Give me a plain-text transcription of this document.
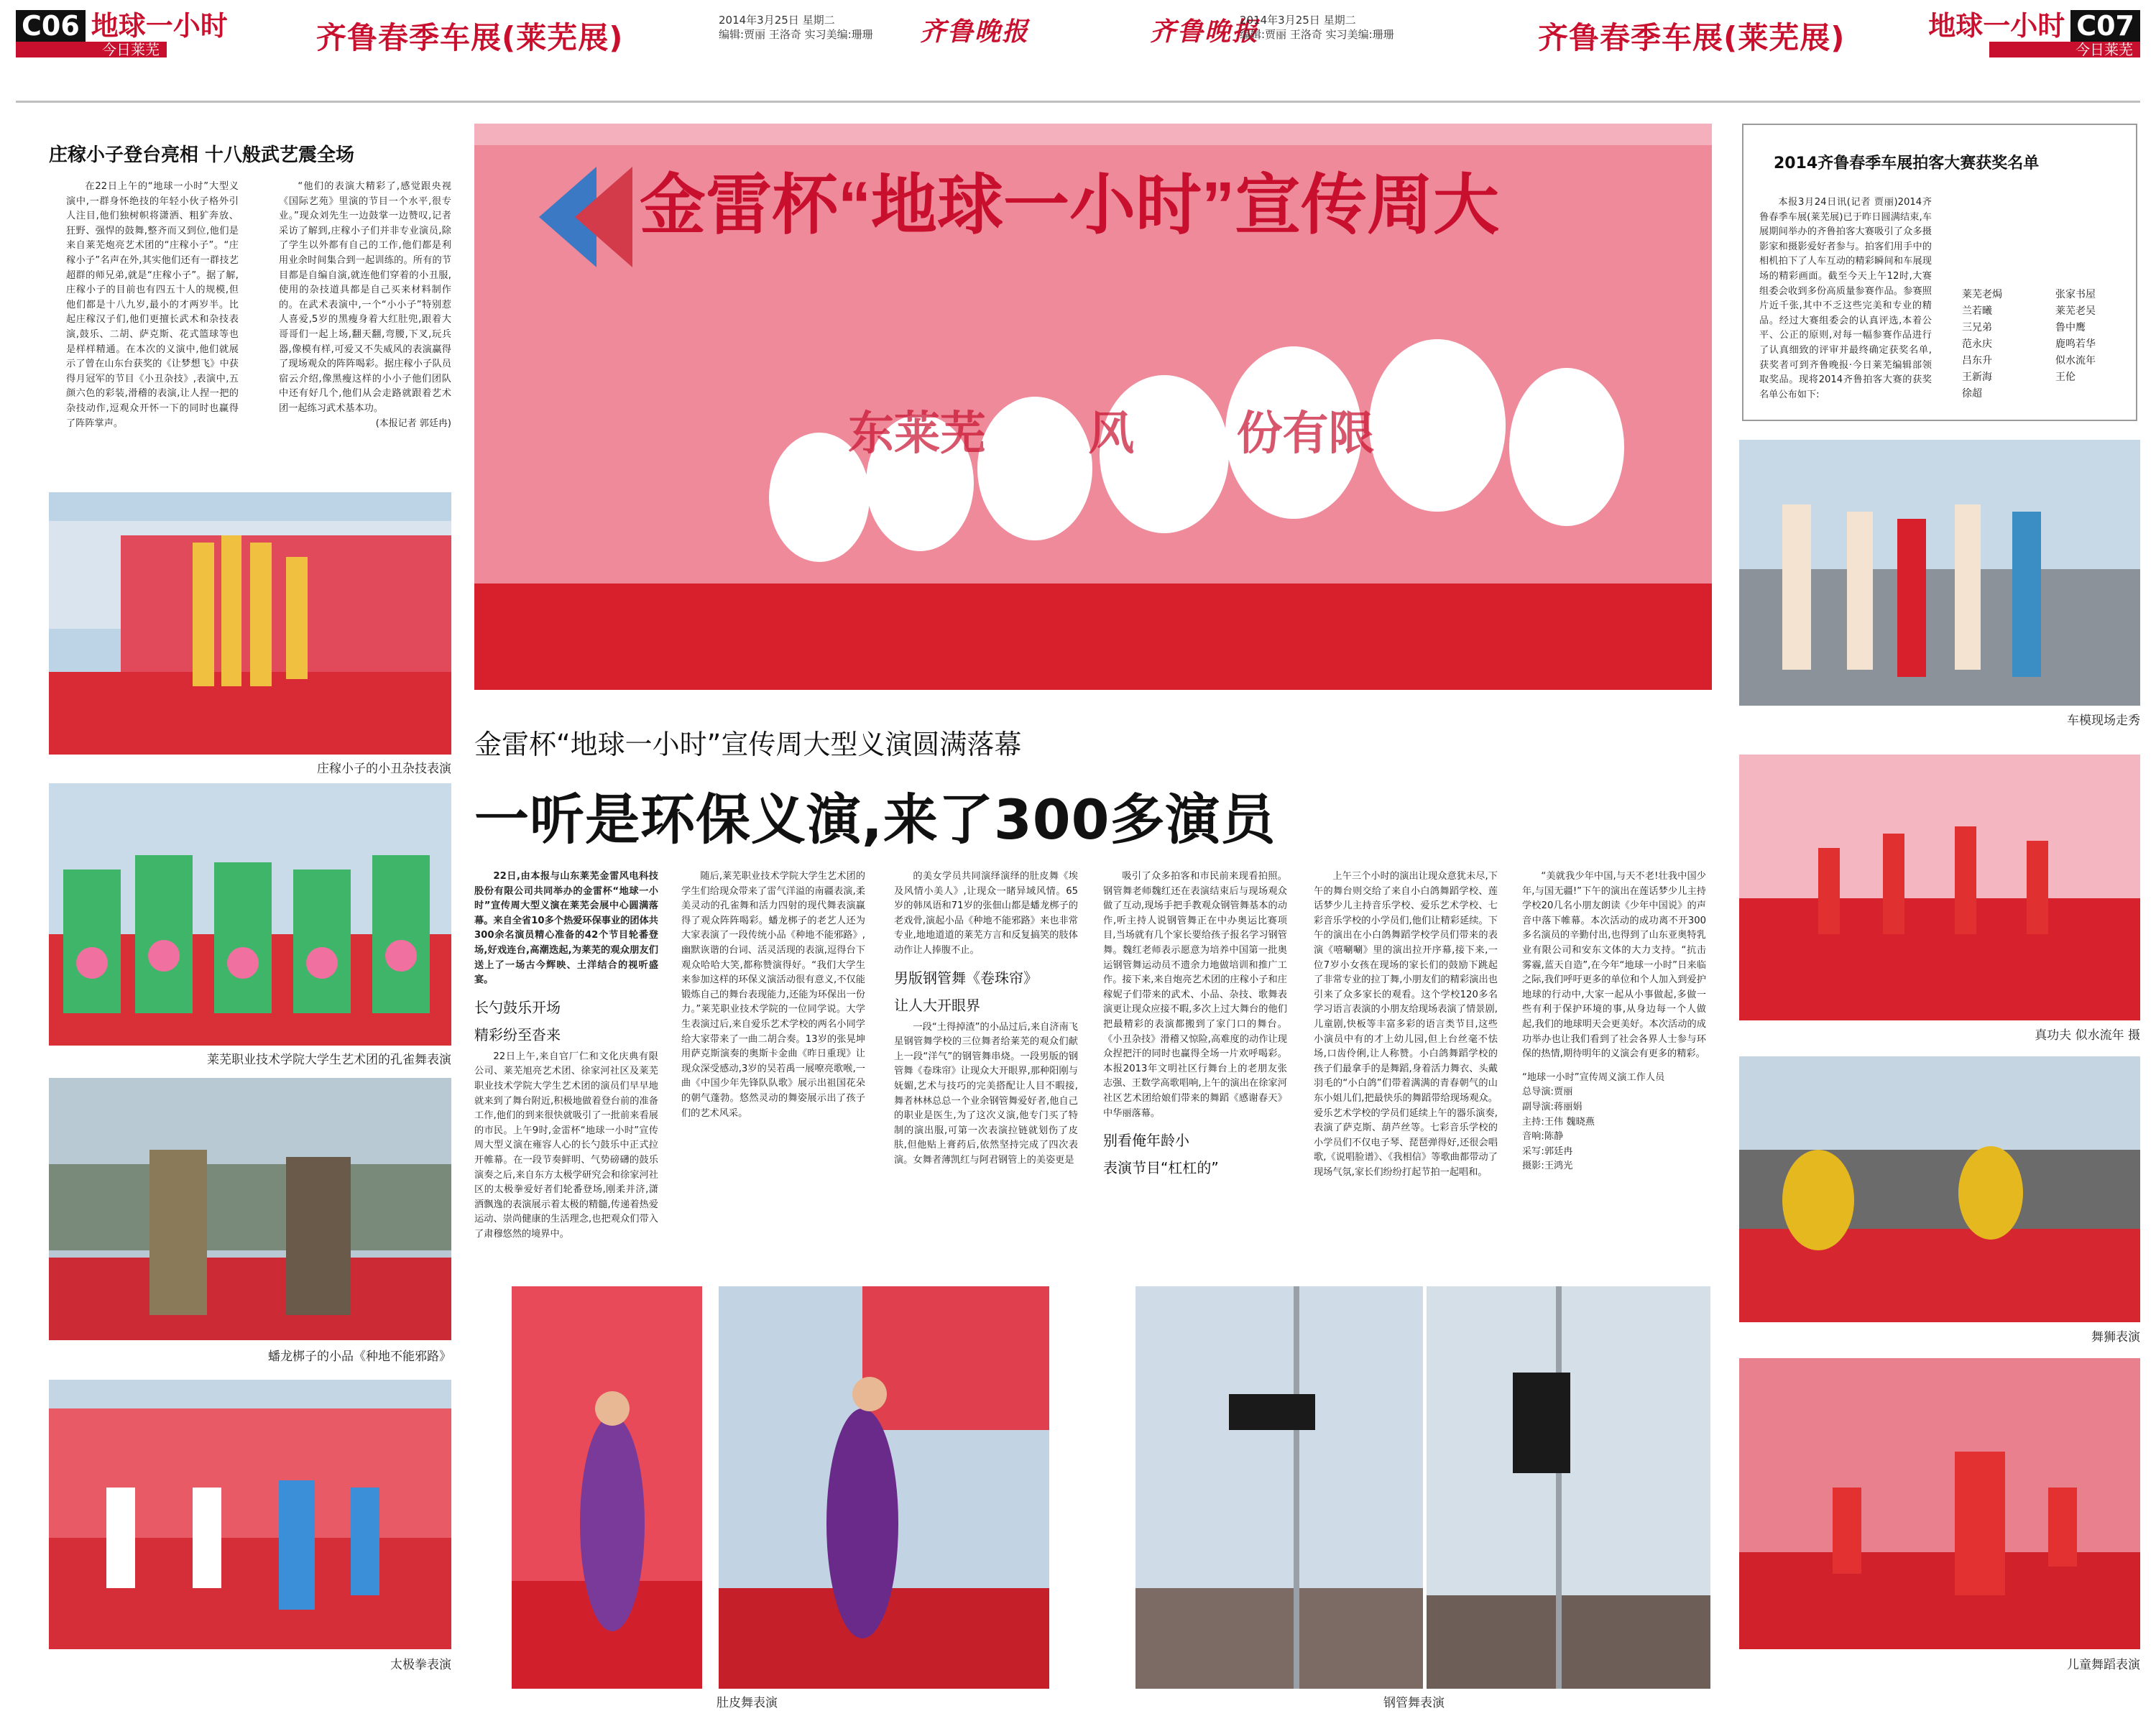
C06 地球一小时
今日莱芜	齐鲁春季车展(莱芜展)	2014年3月25日 星期二
编辑:贾丽 王洛奇 实习美编:珊珊 齐鲁晚报	齐鲁晚报
2014年3月25日 星期二
编辑:贾丽 王洛奇 实习美编:珊珊	齐鲁春季车展(莱芜展)	地球一小时 C07
今日莱芜
庄稼小子登台亮相 十八般武艺震全场

在22日上午的“地球一小时”大型义演中,一群身怀绝技的年轻小伙子格外引人注目,他们独树帜将潇洒、粗犷奔放、狂野、强悍的鼓舞,整齐而又到位,他们是来自莱芜炮亮艺术团的“庄稼小子”。“庄稼小子”名声在外,其实他们还有一群技艺超群的师兄弟,就是“庄稼小子”。据了解,庄稼小子的目前也有四五十人的规模,但他们都是十八九岁,最小的才两岁半。比起庄稼汉子们,他们更擅长武术和杂技表演,鼓乐、二胡、萨克斯、花式篮球等也是样样精通。在本次的义演中,他们就展示了曾在山东台获奖的《让梦想飞》中获得月冠军的节目《小丑杂技》,表演中,五颜六色的彩装,滑稽的表演,让人捏一把的杂技动作,逗观众开怀一下的同时也赢得了阵阵掌声。

“他们的表演大精彩了,感觉跟央视《国际艺苑》里演的节目一个水平,很专业。”现众刘先生一边鼓掌一边赞叹,记者采访了解到,庄稼小子们并非专业演员,除了学生以外都有自己的工作,他们都是利用业余时间集合到一起训练的。所有的节目都是自编自演,就连他们穿着的小丑服,使用的杂技道具都是自己买来材料制作的。在武术表演中,一个“小小子”特别惹人喜爱,5岁的黑瘦身着大红肚兜,跟着大哥哥们一起上场,翻天翻,弯腰,下叉,玩兵器,像模有样,可爱又不失威风的表演赢得了现场观众的阵阵喝彩。据庄稼小子队员宿云介绍,像黑瘦这样的小小子他们团队中还有好几个,他们从会走路就跟着艺术团一起练习武术基本功。

(本报记者 郭廷冉)
庄稼小子的小丑杂技表演
莱芜职业技术学院大学生艺术团的孔雀舞表演
蟠龙梆子的小品《种地不能邪路》
太极拳表演
金雷杯“地球一小时”宣传周大
东莱芜        风        份有限
金雷杯“地球一小时”宣传周大型义演圆满落幕
一听是环保义演,来了300多演员

22日,由本报与山东莱芜金雷风电科技股份有限公司共同举办的金雷杯“地球一小时”宣传周大型义演在莱芜会展中心圆满落幕。来自全省10多个热爱环保事业的团体共300余名演员精心准备的42个节目轮番登场,好戏连台,高潮迭起,为莱芜的观众朋友们送上了一场古今辉映、土洋结合的视听盛宴。

长勺鼓乐开场
精彩纷至沓来

22日上午,来自官厂仁和文化庆典有限公司、莱芜旭亮艺术团、徐家河社区及莱芜职业技术学院大学生艺术团的演员们早早地就来到了舞台附近,积极地做着登台前的准备工作,他们的到来很快就吸引了一批前来看展的市民。上午9时,金雷杯“地球一小时”宣传周大型义演在雍容人心的长勺鼓乐中正式拉开帷幕。在一段节奏鲜明、气势磅礴的鼓乐演奏之后,来自东方太极学研究会和徐家河社区的太极拳爱好者们轮番登场,刚柔并济,潇洒飘逸的表演展示着太极的精髓,传递着热爱运动、崇尚健康的生活理念,也把观众们带入了肃穆悠然的境界中。

随后,莱芜职业技术学院大学生艺术团的学生们给现众带来了雷气洋溢的南疆表演,柔美灵动的孔雀舞和活力四射的现代舞表演赢得了观众阵阵喝彩。蟠龙梆子的老艺人还为大家表演了一段传统小品《种地不能邪路》,幽默诙谐的台词、活灵活现的表演,逗得台下观众哈哈大笑,都称赞演得好。“我们大学生来参加这样的环保义演活动很有意义,不仅能锻炼自己的舞台表现能力,还能为环保出一份力。”莱芜职业技术学院的一位同学说。大学生表演过后,来自爱乐艺术学校的两名小同学给大家带来了一曲二胡合奏。13岁的张晃坤用萨克斯演奏的奥斯卡金曲《昨日重现》让现众深受感动,3岁的吴若禹一展嘹亮歌喉,一曲《中国少年先锋队队歌》展示出祖国花朵的朝气蓬勃。悠然灵动的舞姿展示出了孩子们的艺术风采。

的美女学员共同演绎演绎的肚皮舞《埃及风情小美人》,让现众一睹异域风情。65岁的韩凤语和71岁的张佃山都是蟠龙梆子的老戏骨,演起小品《种地不能邪路》来也非常专业,地地道道的莱芜方言和反复搞笑的肢体动作让人捧腹不止。

男版钢管舞《卷珠帘》
让人大开眼界

一段“土得掉渣”的小品过后,来自济南飞星钢管舞学校的三位舞者给莱芜的观众们献上一段“洋气”的钢管舞串烧。一段男版的钢管舞《卷珠帘》让现众大开眼界,那种阳刚与妩媚,艺术与技巧的完美搭配让人目不暇接,舞者林林总总一个业余钢管舞爱好者,他自己的职业是医生,为了这次义演,他专门买了特制的演出服,可第一次表演拉链就划伤了皮肤,但他贴上膏药后,依然坚持完成了四次表演。女舞者薄凯红与阿君钢管上的美姿更是

吸引了众多拍客和市民前来现看拍照。钢管舞老师魏红还在表演结束后与现场观众做了互动,现场手把手教观众钢管舞基本的动作,听主持人说钢管舞正在中办奥运比赛项目,当场就有几个家长要给孩子报名学习钢管舞。魏红老师表示愿意为培养中国第一批奥运钢管舞运动员不遗余力地做培训和推广工作。接下来,来自炮亮艺术团的庄稼小子和庄稼妮子们带来的武术、小品、杂技、歌舞表演更让现众应接不暇,多次上过大舞台的他们把最精彩的表演都搬到了家门口的舞台。《小丑杂技》滑稽又惊险,高难度的动作让现众捏把汗的同时也赢得全场一片欢呼喝彩。本报2013年文明社区行舞台上的老朋友张志强、王数学高歌唱响,上午的演出在徐家河社区艺术团给娘们带来的舞蹈《感谢春天》中华丽落幕。

别看俺年龄小
表演节目“杠杠的”

上午三个小时的演出让现众意犹未尽,下午的舞台则交给了来自小白鸽舞蹈学校、莲话梦少儿主持音乐学校、爱乐艺术学校、七彩音乐学校的小学员们,他们让精彩延续。下午的演出在小白鸽舞蹈学校学员们带来的表演《嘻唰唰》里的演出拉开序幕,接下来,一位7岁小女孩在现场的家长们的鼓励下跳起了非常专业的拉丁舞,小朋友们的精彩演出也引来了众多家长的观看。这个学校120多名学习语言表演的小朋友给现场表演了情景剧,儿童剧,快板等丰富多彩的语言类节目,这些小演员中有的才上幼儿园,但上台丝毫不怯场,口齿伶俐,让人称赞。小白鸽舞蹈学校的孩子们最拿手的是舞蹈,身着活力舞衣、头戴羽毛的“小白鸽”们带着满满的青春朝气的山东小姐儿们,把最快乐的舞蹈带给现场观众。爱乐艺术学校的学员们延续上午的器乐演奏,表演了萨克斯、葫芦丝等。七彩音乐学校的小学员们不仅电子琴、琵琶弹得好,还很会唱歌,《说唱脸谱》、《我相信》等歌曲都带动了现场气氛,家长们纷纷打起节拍一起唱和。

“美就我少年中国,与天不老!壮我中国少年,与国无疆!”下午的演出在莲话梦少儿主持学校20几名小朋友朗读《少年中国说》的声音中落下帷幕。本次活动的成功离不开300多名演员的辛勤付出,也得到了山东亚奥特乳业有限公司和安东文体的大力支持。“抗击雾霾,蓝天自造”,在今年“地球一小时”日来临之际,我们呼吁更多的单位和个人加入到爱护地球的行动中,大家一起从小事做起,多做一些有利于保护环境的事,从身边每一个人做起,我们的地球明天会更美好。本次活动的成功举办也让我们看到了社会各界人士参与环保的热情,期待明年的义演会有更多的精彩。

“地球一小时”宣传周义演工作人员
总导演:贾丽
副导演:蒋丽娟
主持:王伟 魏晓燕
音响:陈静
采写:郭廷冉
摄影:王鸿光
肚皮舞表演	钢管舞表演
2014齐鲁春季车展拍客大赛获奖名单

本报3月24日讯(记者 贾丽)2014齐鲁春季车展(莱芜展)已于昨日圆满结束,车展期间举办的齐鲁拍客大赛吸引了众多摄影家和摄影爱好者参与。拍客们用手中的相机拍下了人车互动的精彩瞬间和车展现场的精彩画面。截至今天上午12时,大赛组委会收到多份高质量参赛作品。参赛照片近千张,其中不乏这些完美和专业的精品。经过大赛组委会的认真评选,本着公平、公正的原则,对每一幅参赛作品进行了认真细致的评审并最终确定获奖名单,获奖者可到齐鲁晚报·今日莱芜编辑部领取奖品。现将2014齐鲁拍客大赛的获奖名单公布如下:

莱芜老焗	张家书屋
兰若曦	莱芜老吴
三兄弟	鲁中鹰
范永庆	鹿鸣若华
吕东升	似水流年
王新海	王伦
徐超
车模现场走秀
真功夫 似水流年 摄
舞狮表演
儿童舞蹈表演
